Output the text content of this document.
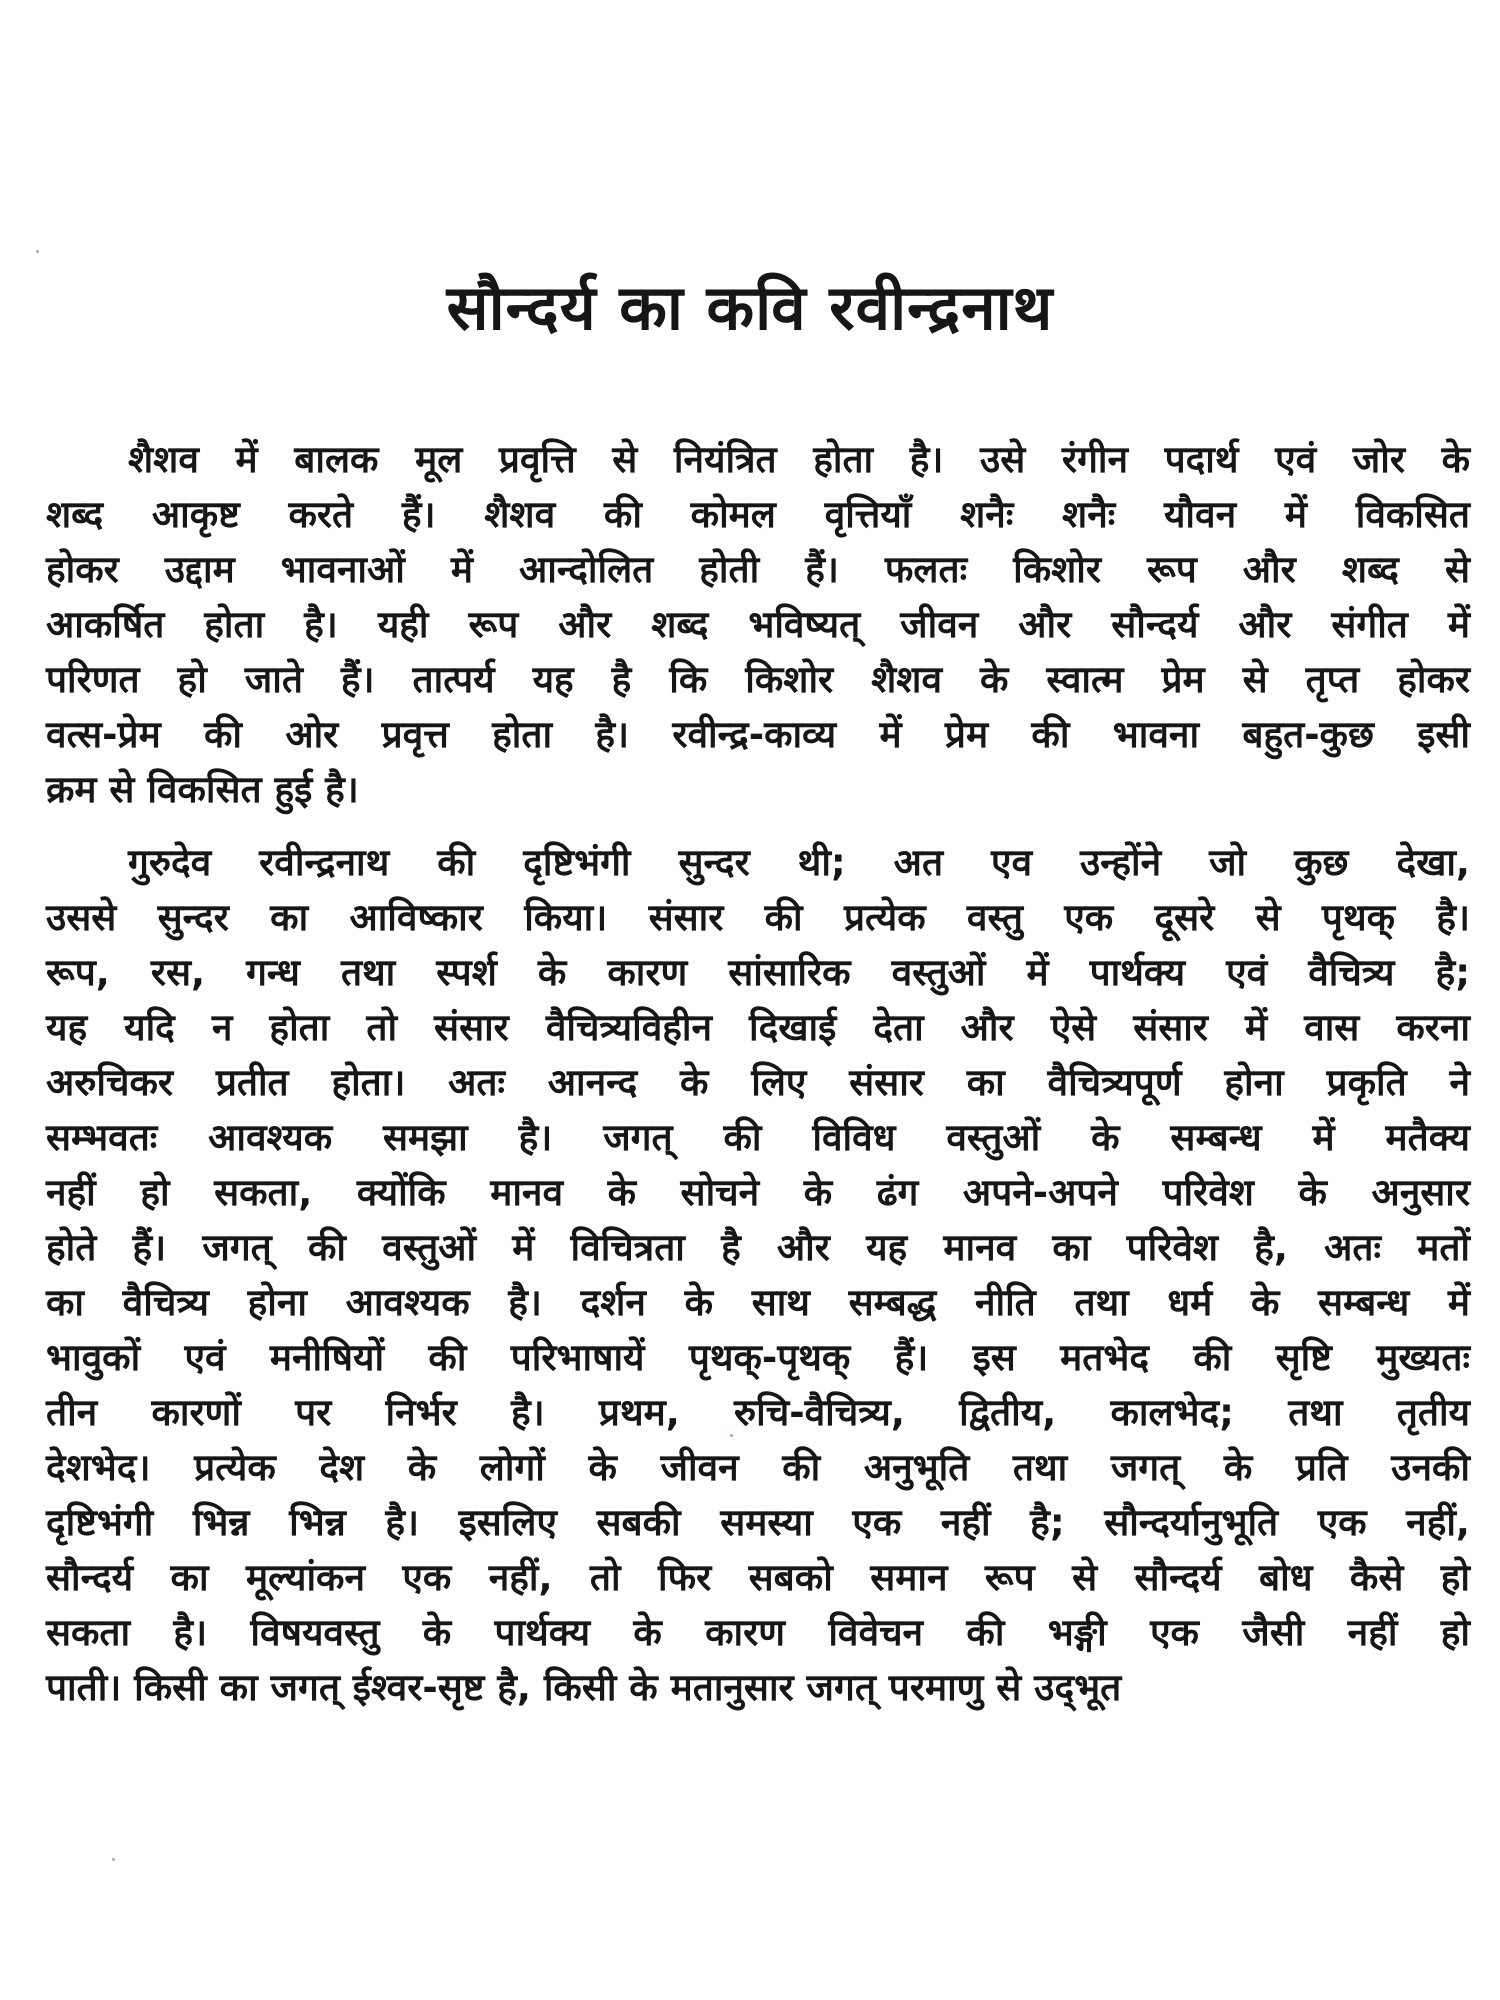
सौन्दर्य का कवि रवीन्द्रनाथ
शैशव में बालक मूल प्रवृत्ति से नियंत्रित होता है। उसे रंगीन पदार्थ एवं जोर के
शब्द आकृष्ट करते हैं। शैशव की कोमल वृत्तियाँ शनैः शनैः यौवन में विकसित
होकर उद्दाम भावनाओं में आन्दोलित होती हैं। फलतः किशोर रूप और शब्द से
आकर्षित होता है। यही रूप और शब्द भविष्यत् जीवन और सौन्दर्य और संगीत में
परिणत हो जाते हैं। तात्पर्य यह है कि किशोर शैशव के स्वात्म प्रेम से तृप्त होकर
वत्स-प्रेम की ओर प्रवृत्त होता है। रवीन्द्र-काव्य में प्रेम की भावना बहुत-कुछ इसी
क्रम से विकसित हुई है।
गुरुदेव रवीन्द्रनाथ की दृष्टिभंगी सुन्दर थी; अत एव उन्होंने जो कुछ देखा,
उससे सुन्दर का आविष्कार किया। संसार की प्रत्येक वस्तु एक दूसरे से पृथक् है।
रूप, रस, गन्ध तथा स्पर्श के कारण सांसारिक वस्तुओं में पार्थक्य एवं वैचित्र्य है;
यह यदि न होता तो संसार वैचित्र्यविहीन दिखाई देता और ऐसे संसार में वास करना
अरुचिकर प्रतीत होता। अतः आनन्द के लिए संसार का वैचित्र्यपूर्ण होना प्रकृति ने
सम्भवतः आवश्यक समझा है। जगत् की विविध वस्तुओं के सम्बन्ध में मतैक्य
नहीं हो सकता, क्योंकि मानव के सोचने के ढंग अपने-अपने परिवेश के अनुसार
होते हैं। जगत् की वस्तुओं में विचित्रता है और यह मानव का परिवेश है, अतः मतों
का वैचित्र्य होना आवश्यक है। दर्शन के साथ सम्बद्ध नीति तथा धर्म के सम्बन्ध में
भावुकों एवं मनीषियों की परिभाषायें पृथक्-पृथक् हैं। इस मतभेद की सृष्टि मुख्यतः
तीन कारणों पर निर्भर है। प्रथम, रुचि-वैचित्र्य, द्वितीय, कालभेद; तथा तृतीय
देशभेद। प्रत्येक देश के लोगों के जीवन की अनुभूति तथा जगत् के प्रति उनकी
दृष्टिभंगी भिन्न भिन्न है। इसलिए सबकी समस्या एक नहीं है; सौन्दर्यानुभूति एक नहीं,
सौन्दर्य का मूल्यांकन एक नहीं, तो फिर सबको समान रूप से सौन्दर्य बोध कैसे हो
सकता है। विषयवस्तु के पार्थक्य के कारण विवेचन की भङ्गी एक जैसी नहीं हो
पाती। किसी का जगत् ईश्वर-सृष्ट है, किसी के मतानुसार जगत् परमाणु से उद्‌भूत
